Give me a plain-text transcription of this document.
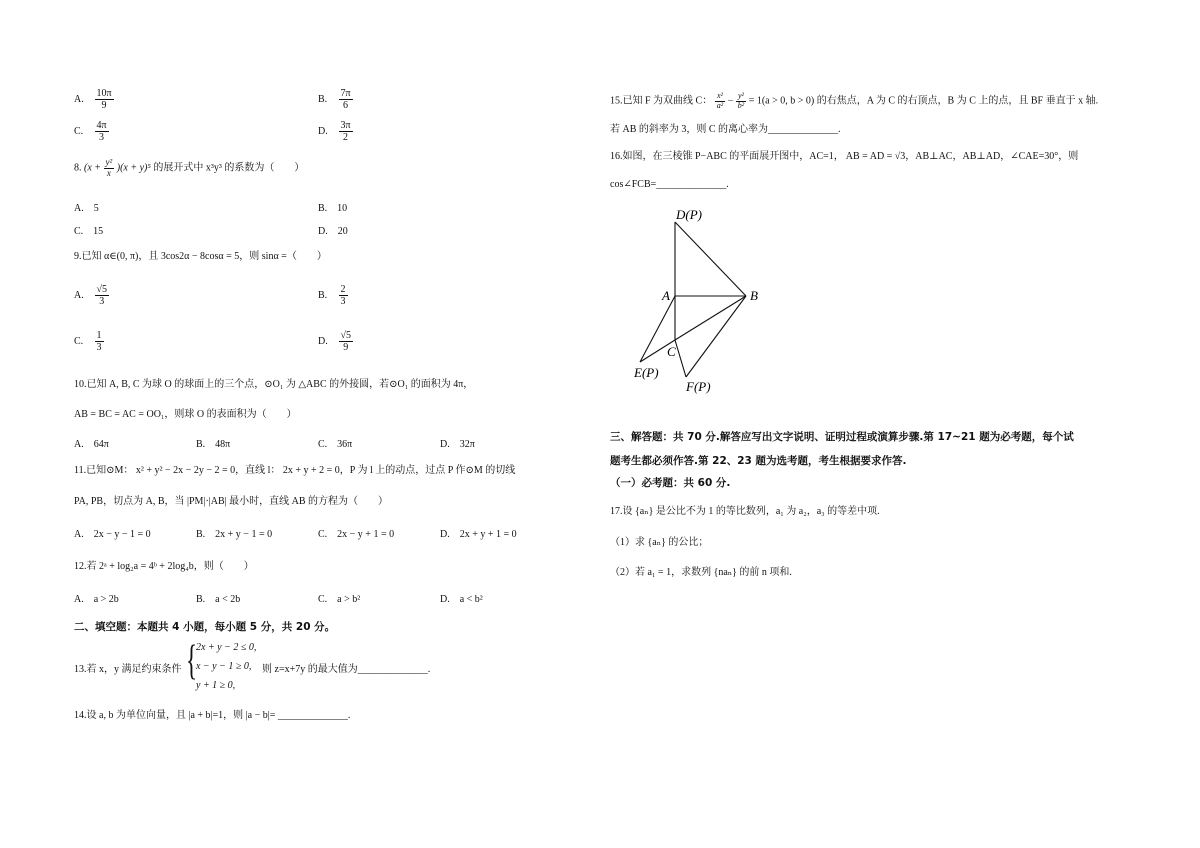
A. $\frac{10\pi}{9}$	B. $\frac{7\pi}{6}$
C. $\frac{4\pi}{3}$	D. $\frac{3\pi}{2}$
8. $(x + \frac{\text{y²}}{x} )(x + y)^5$ 的展开式中 x³y³ 的系数为（　　）
A.　5	B.　10
C.　15	D.　20
9.已知 α∈(0, π)，且 3cos2α − 8cosα = 5，则 sinα =（　　）
A. $\frac{√5}{3}$	B. $\frac{2}{3}$
C. $\frac{1}{3}$	D. $\frac{√5}{9}$
10.已知 A, B, C 为球 O 的球面上的三个点，⊙O₁ 为 △ABC 的外接圆，若⊙O₁ 的面积为 4π，
AB = BC = AC = OO₁，则球 O 的表面积为（　　）
A.　64π	B.　48π	C.　36π	D.　32π
11.已知⊙M： x² + y² − 2x − 2y − 2 = 0，直线 l： 2x + y + 2 = 0，P 为 l 上的动点，过点 P 作⊙M 的切线
PA, PB，切点为 A, B，当 |PM|·|AB| 最小时，直线 AB 的方程为（　　）
A.　2x − y − 1 = 0	B.　2x + y − 1 = 0	C.　2x − y + 1 = 0	D.　2x + y + 1 = 0
12.若 2ᵃ + log₂a = 4ᵇ + 2log₄b，则（　　）
A.　a > 2b	B.　a < 2b	C.　a > b²	D.　a < b²
二、填空题：本题共 4 小题，每小题 5 分，共 20 分。
13.若 x，y 满足约束条件 {
2x + y − 2 ≤ 0,
x − y − 1 ≥ 0,
y + 1 ≥ 0,
则 z=x+7y 的最大值为______________.
14.设 a, b 为单位向量，且 |a + b|=1，则 |a − b|= ______________.
15.已知 F 为双曲线 C： $\frac{\text{x²}}{\text{a²}} - \frac{\text{y²}}{\text{b²}} = 1(a > 0$, b > 0) 的右焦点，A 为 C 的右顶点，B 为 C 上的点，且 BF 垂直于 x 轴.
若 AB 的斜率为 3，则 C 的离心率为______________.
16.如图，在三棱锥 P−ABC 的平面展开图中，AC=1， AB = AD = √3，AB⊥AC，AB⊥AD，∠CAE=30°，则
cos∠FCB=______________.
D(P)
A	B
C
E(P)
F(P)
三、解答题：共 70 分.解答应写出文字说明、证明过程或演算步骤.第 17~21 题为必考题，每个试
题考生都必须作答.第 22、23 题为选考题，考生根据要求作答.
（一）必考题：共 60 分.
17.设 {aₙ} 是公比不为 1 的等比数列，a₁ 为 a₂，a₃ 的等差中项.
（1）求 {aₙ} 的公比；
（2）若 a₁ = 1，求数列 {naₙ} 的前 n 项和.
